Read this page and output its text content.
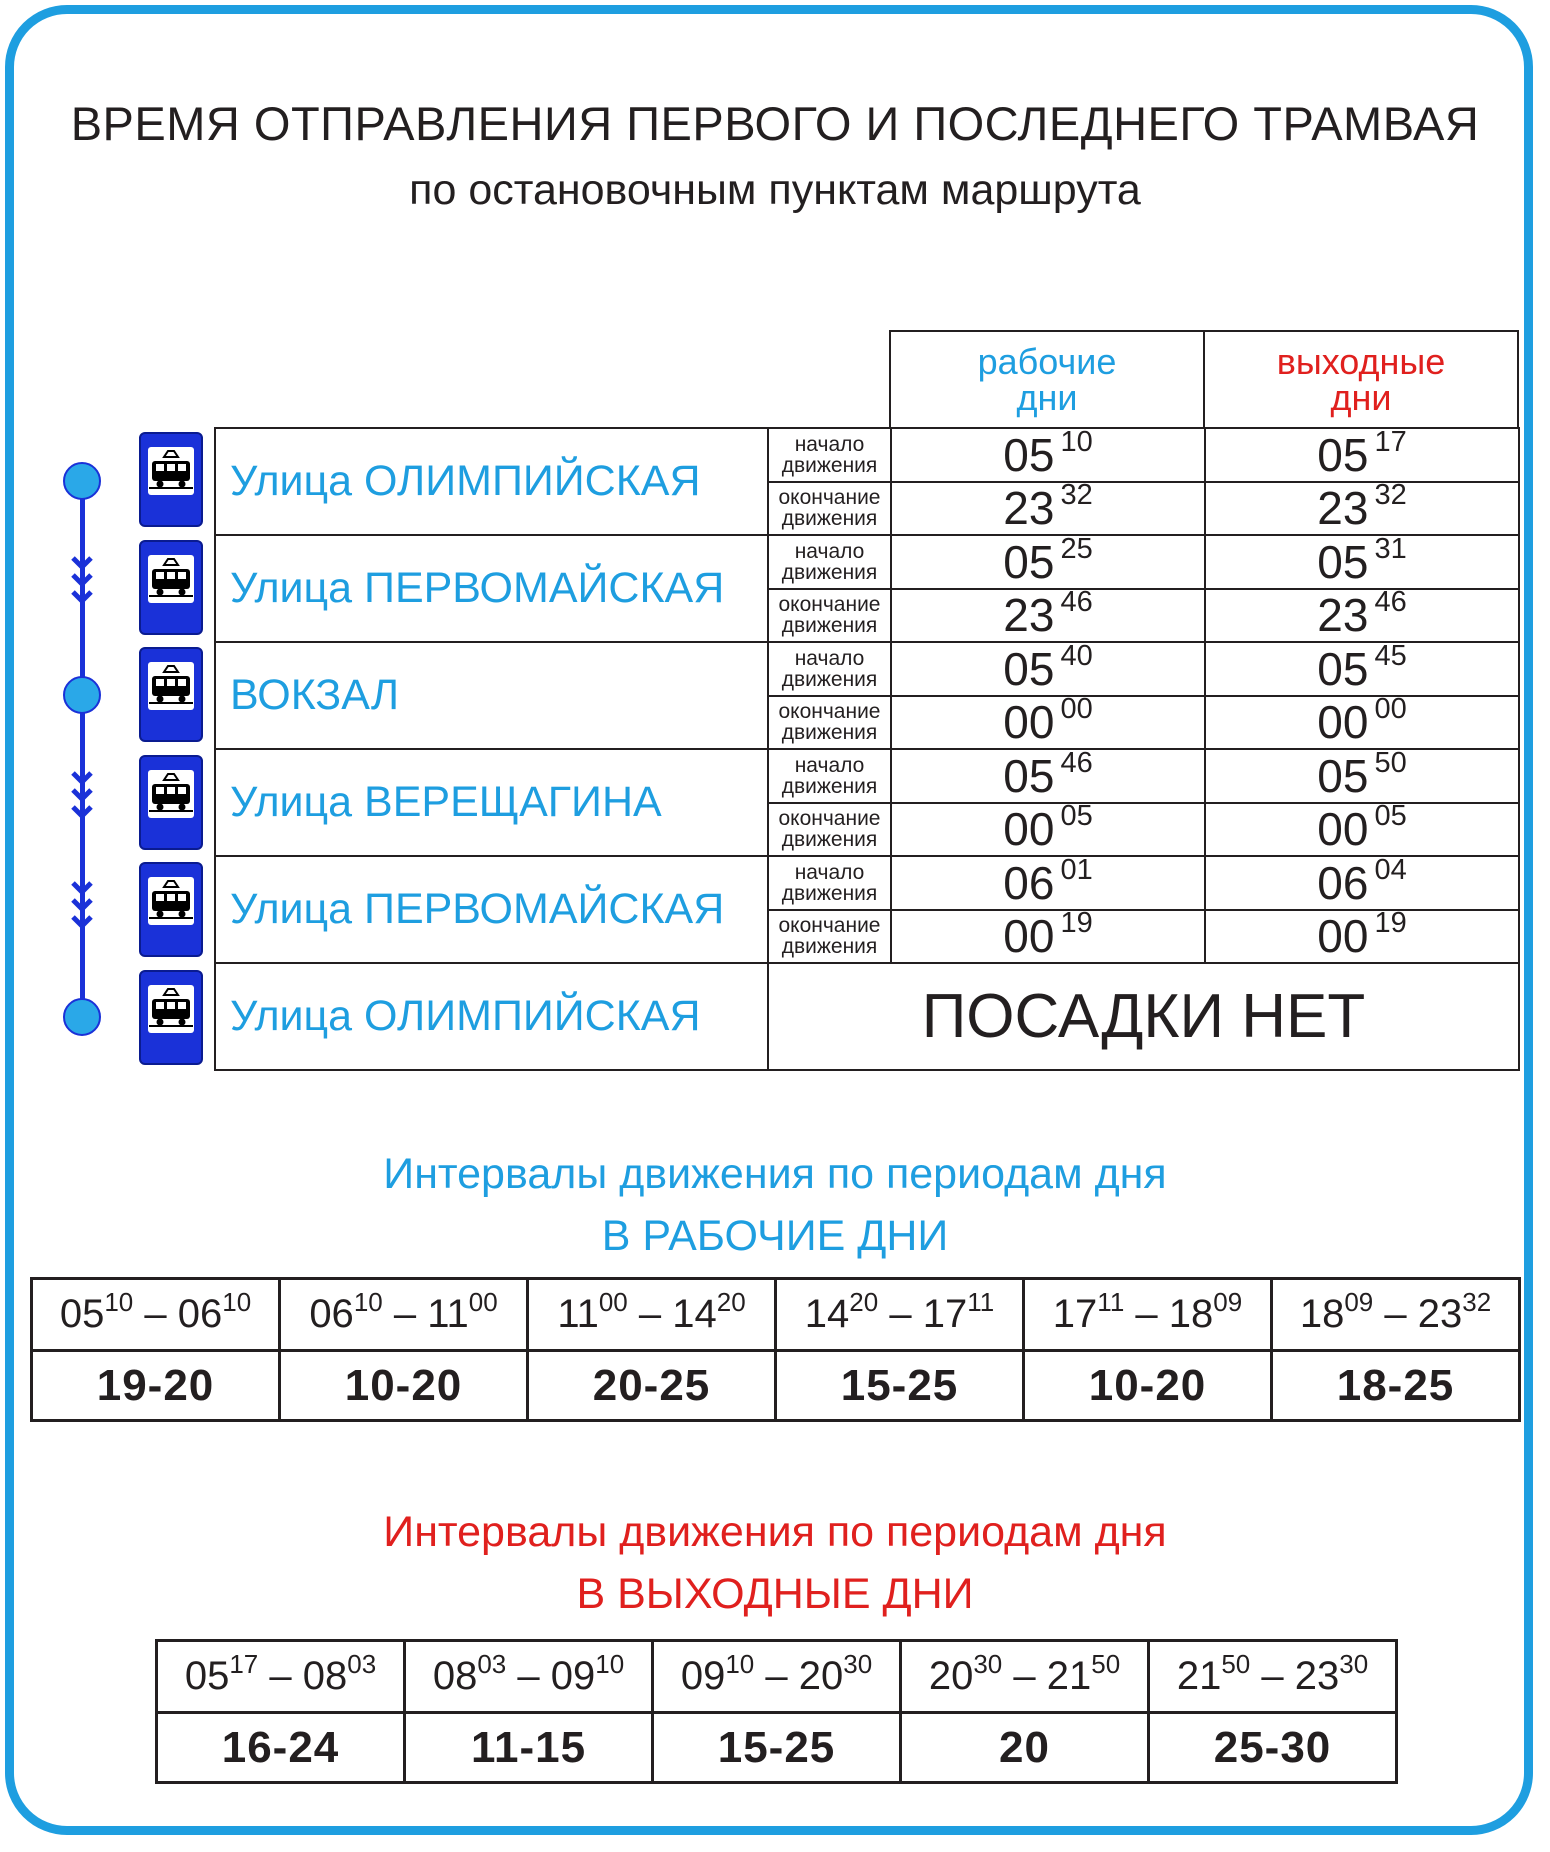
ВРЕМЯ ОТПРАВЛЕНИЯ ПЕРВОГО И ПОСЛЕДНЕГО ТРАМВАЯ
по остановочным пунктам маршрута
рабочие
дни
выходные
дни
Улица ОЛИМПИЙСКАЯ	начало
движения	05 $^{10}$	05 $^{17}$

	окончание
движения	23 $^{32}$	23 $^{32}$
Улица ПЕРВОМАЙСКАЯ	начало
движения	05 $^{25}$	05 $^{31}$

	окончание
движения	23 $^{46}$	23 $^{46}$
ВОКЗАЛ	начало
движения	05 $^{40}$	05 $^{45}$

	окончание
движения	00 $^{00}$	00 $^{00}$
Улица ВЕРЕЩАГИНА	начало
движения	05 $^{46}$	05 $^{50}$

	окончание
движения	00 $^{05}$	00 $^{05}$
Улица ПЕРВОМАЙСКАЯ	начало
движения	06 $^{01}$	06 $^{04}$

	окончание
движения	00 $^{19}$	00 $^{19}$
Улица ОЛИМПИЙСКАЯ	ПОСАДКИ НЕТ		
Интервалы движения по периодам дня
В РАБОЧИЕ ДНИ
$05^{10} - 06^{10}$	$06^{10} - 11^{00}$	$11^{00} - 14^{20}$	$14^{20} - 17^{11}$	$17^{11} - 18^{09}$	$18^{09} - 23^{32}$
19-20	10-20	20-25	15-25	10-20	18-25
Интервалы движения по периодам дня
В ВЫХОДНЫЕ ДНИ
$05^{17} - 08^{03}$	$08^{03} - 09^{10}$	$09^{10} - 20^{30}$	$20^{30} - 21^{50}$	$21^{50} - 23^{30}$
16-24	11-15	15-25	20	25-30
